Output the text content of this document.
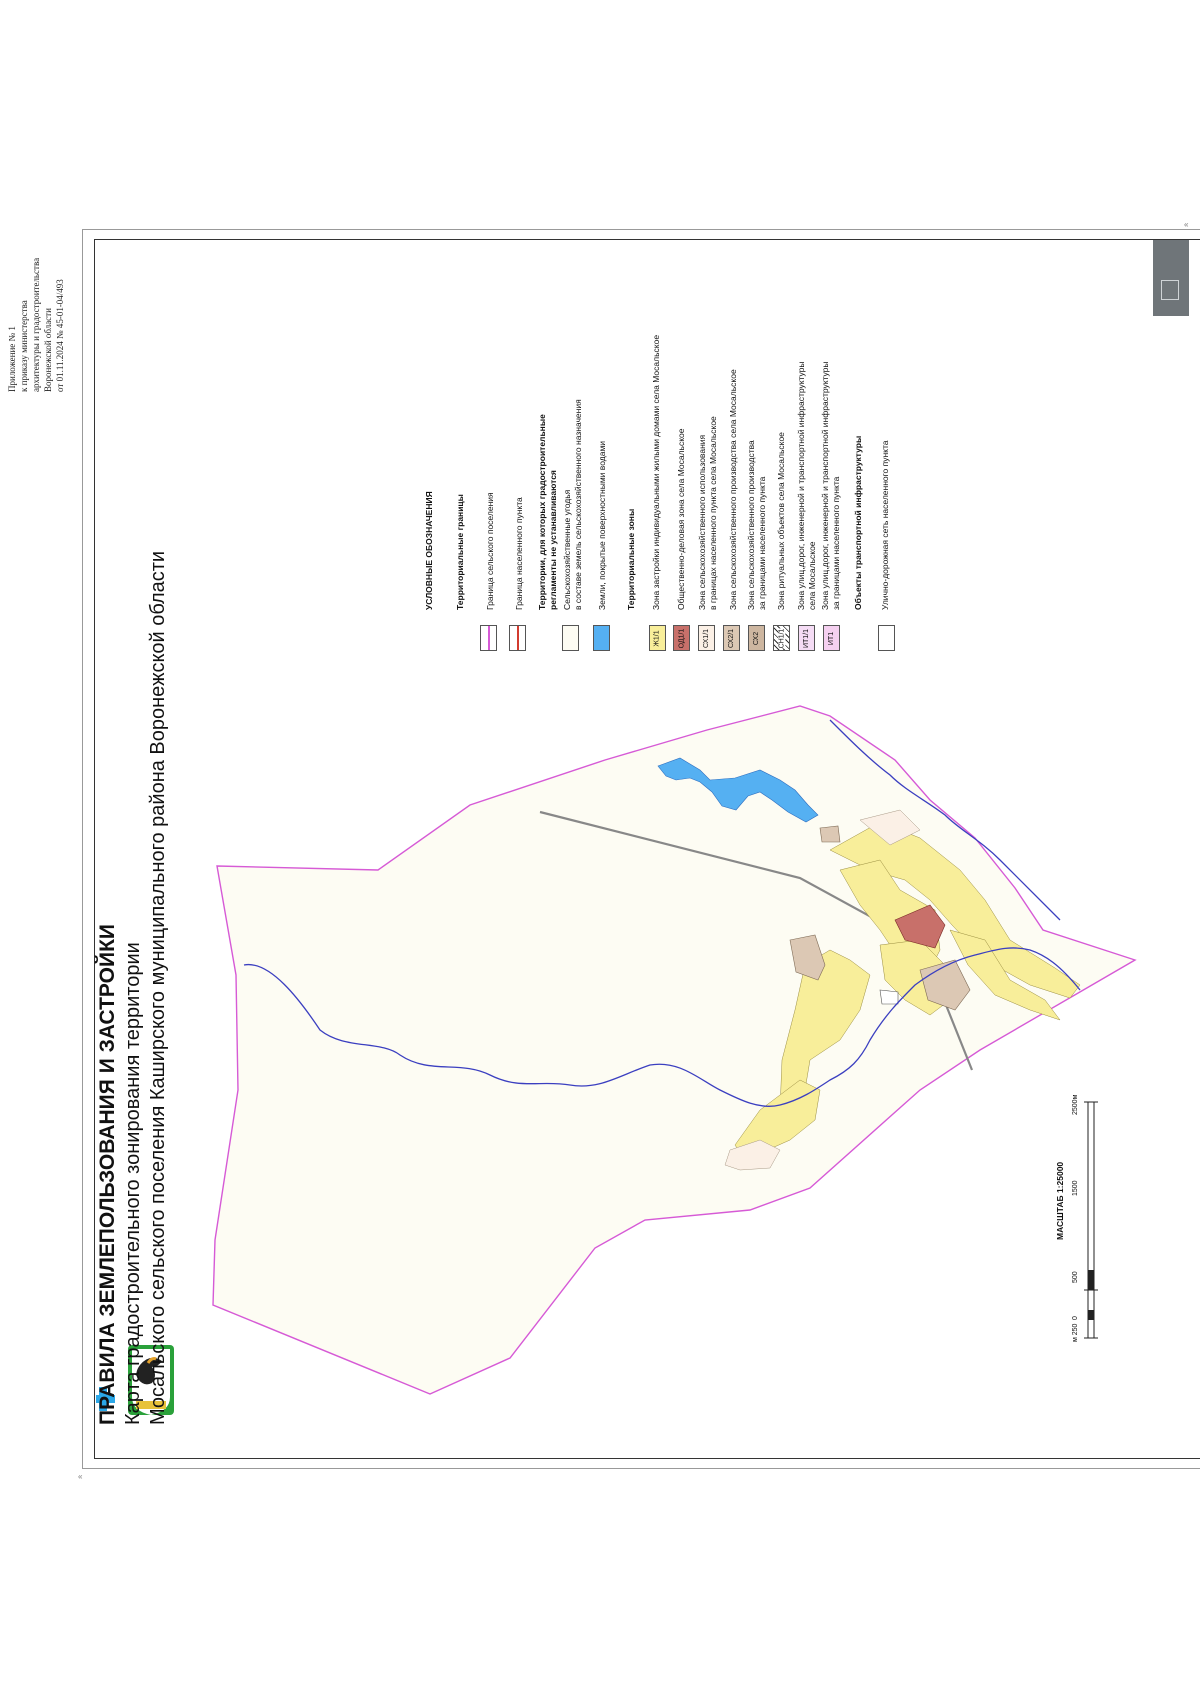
Приложение № 1 к приказу министерства архитектуры и градостроительства Воронежской области от 01.11.2024 № 45-01-04/493
«
«
ПРАВИЛА ЗЕМЛЕПОЛЬЗОВАНИЯ И ЗАСТРОЙКИ Карта градостроительного зонирования территории Мосальского сельского поселения Каширского муниципального района Воронежской области
УСЛОВНЫЕ ОБОЗНАЧЕНИЯ Территориальные границы Граница сельского поселения Граница населенного пункта Территории, для которых градостроительные регламенты не устанавливаются Сельскохозяйственные угодья в составе земель сельскохозяйственного назначения Земли, покрытые поверхностными водами Территориальные зоны
Ж1/1
Зона застройки индивидуальными жилыми домами села Мосальское
ОД1/1
Общественно-деловая зона села Мосальское
СХ1/1
Зона сельскохозяйственного использования в границах населенного пункта села Мосальское
СХ2/1
Зона сельскохозяйственного производства села Мосальское
СХ2
Зона сельскохозяйственного производства за границами населенного пункта
СН1/1
Зона ритуальных объектов села Мосальское
ИТ1/1
Зона улиц,дорог, инженерной и транспортной инфраструктуры села Мосальское
ИТ1
Зона улиц,дорог, инженерной и транспортной инфраструктуры за границами населенного пункта Объекты транспортной инфраструктуры Улично-дорожная сеть населенного пункта
МАСШТАБ 1:25000
м 250
0
500
1500
2500м
